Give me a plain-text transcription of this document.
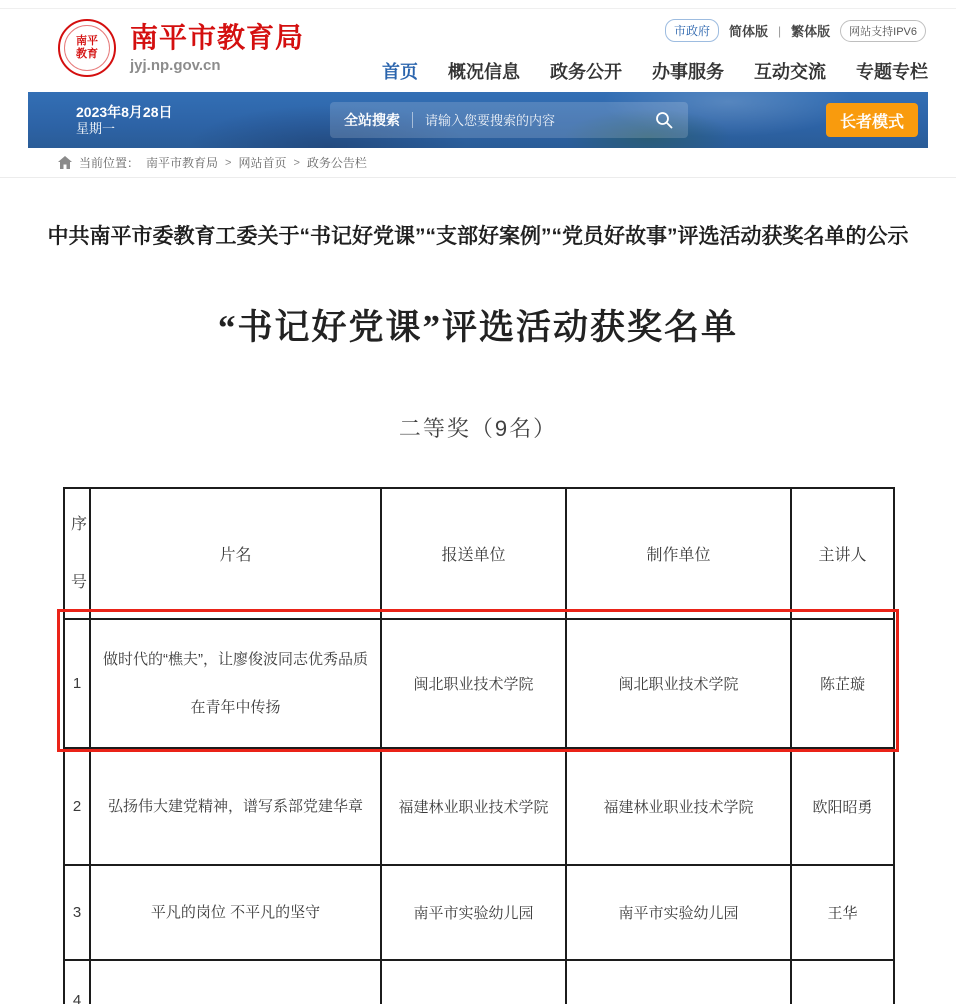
南平
教育
南平市教育局
jyj.np.gov.cn
市政府	简体版 | 繁体版	网站支持IPV6
首页 概况信息 政务公开 办事服务 互动交流 专题专栏
2023年8月28日
星期一	全站搜索
请输入您要搜索的内容	长者模式
当前位置： 南平市教育局 > 网站首页 > 政务公告栏
中共南平市委教育工委关于“书记好党课”“支部好案例”“党员好故事”评选活动获奖名单的公示
“书记好党课”评选活动获奖名单
二等奖（9名）
序号	片名	报送单位	制作单位	主讲人
1	做时代的“樵夫”，让廖俊波同志优秀品质在青年中传扬	闽北职业技术学院	闽北职业技术学院	陈芷璇
2	弘扬伟大建党精神，谱写系部党建华章	福建林业职业技术学院	福建林业职业技术学院	欧阳昭勇
3	平凡的岗位 不平凡的坚守	南平市实验幼儿园	南平市实验幼儿园	王华
4				
